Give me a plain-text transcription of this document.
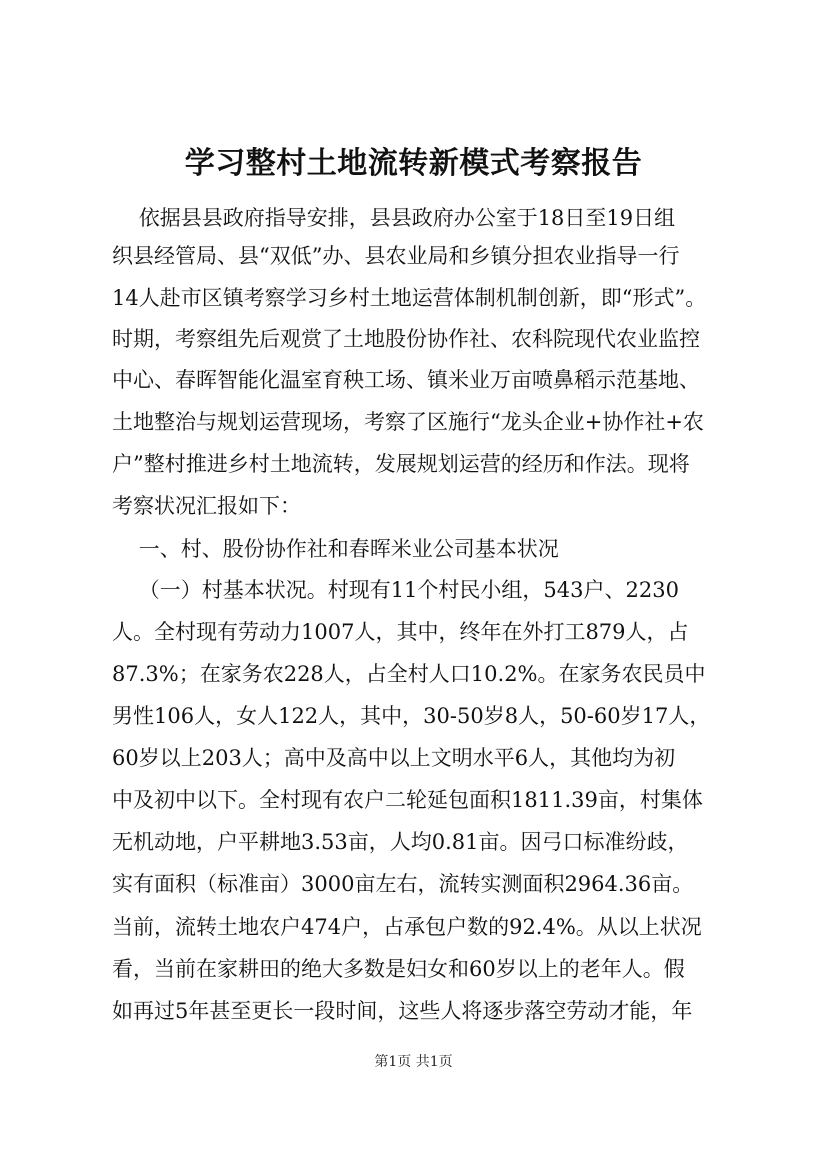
学习整村土地流转新模式考察报告
依据县县政府指导安排，县县政府办公室于18日至19日组
织县经管局、县“双低”办、县农业局和乡镇分担农业指导一行
14人赴市区镇考察学习乡村土地运营体制机制创新，即“形式”。
时期，考察组先后观赏了土地股份协作社、农科院现代农业监控
中心、春晖智能化温室育秧工场、镇米业万亩喷鼻稻示范基地、
土地整治与规划运营现场，考察了区施行“龙头企业+协作社+农
户”整村推进乡村土地流转，发展规划运营的经历和作法。现将
考察状况汇报如下：
一、村、股份协作社和春晖米业公司基本状况
（一）村基本状况。村现有11个村民小组，543户、2230
人。全村现有劳动力1007人，其中，终年在外打工879人，占
87.3%；在家务农228人，占全村人口10.2%。在家务农民员中
男性106人，女人122人，其中，30-50岁8人，50-60岁17人，
60岁以上203人；高中及高中以上文明水平6人，其他均为初
中及初中以下。全村现有农户二轮延包面积1811.39亩，村集体
无机动地，户平耕地3.53亩，人均0.81亩。因弓口标准纷歧，
实有面积（标准亩）3000亩左右，流转实测面积2964.36亩。
当前，流转土地农户474户，占承包户数的92.4%。从以上状况
看，当前在家耕田的绝大多数是妇女和60岁以上的老年人。假
如再过5年甚至更长一段时间，这些人将逐步落空劳动才能，年
第1页 共1页
